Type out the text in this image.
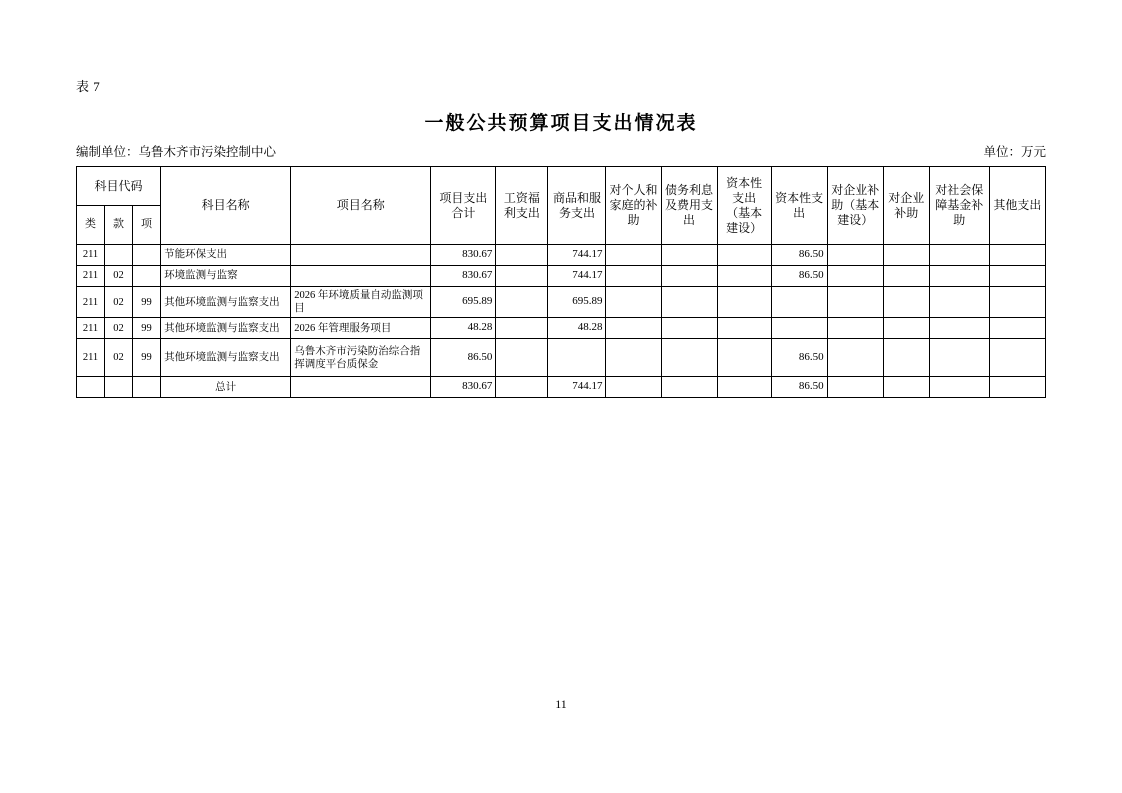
表 7
一般公共预算项目支出情况表
编制单位：乌鲁木齐市污染控制中心	单位：万元
科目代码			科目名称	项目名称	项目支出合计	工资福利支出	商品和服务支出	对个人和家庭的补助	债务利息及费用支出	资本性支出（基本建设）	资本性支出	对企业补助（基本建设）	对企业补助	对社会保障基金补助	其他支出
类	款	项													
211			节能环保支出		830.67		744.17				86.50				
211	02		环境监测与监察		830.67		744.17				86.50				
211	02	99	其他环境监测与监察支出	2026 年环境质量自动监测项目	695.89		695.89								
211	02	99	其他环境监测与监察支出	2026 年管理服务项目	48.28		48.28								
211	02	99	其他环境监测与监察支出	乌鲁木齐市污染防治综合指挥调度平台质保金	86.50						86.50				
			总计		830.67		744.17				86.50				
11
